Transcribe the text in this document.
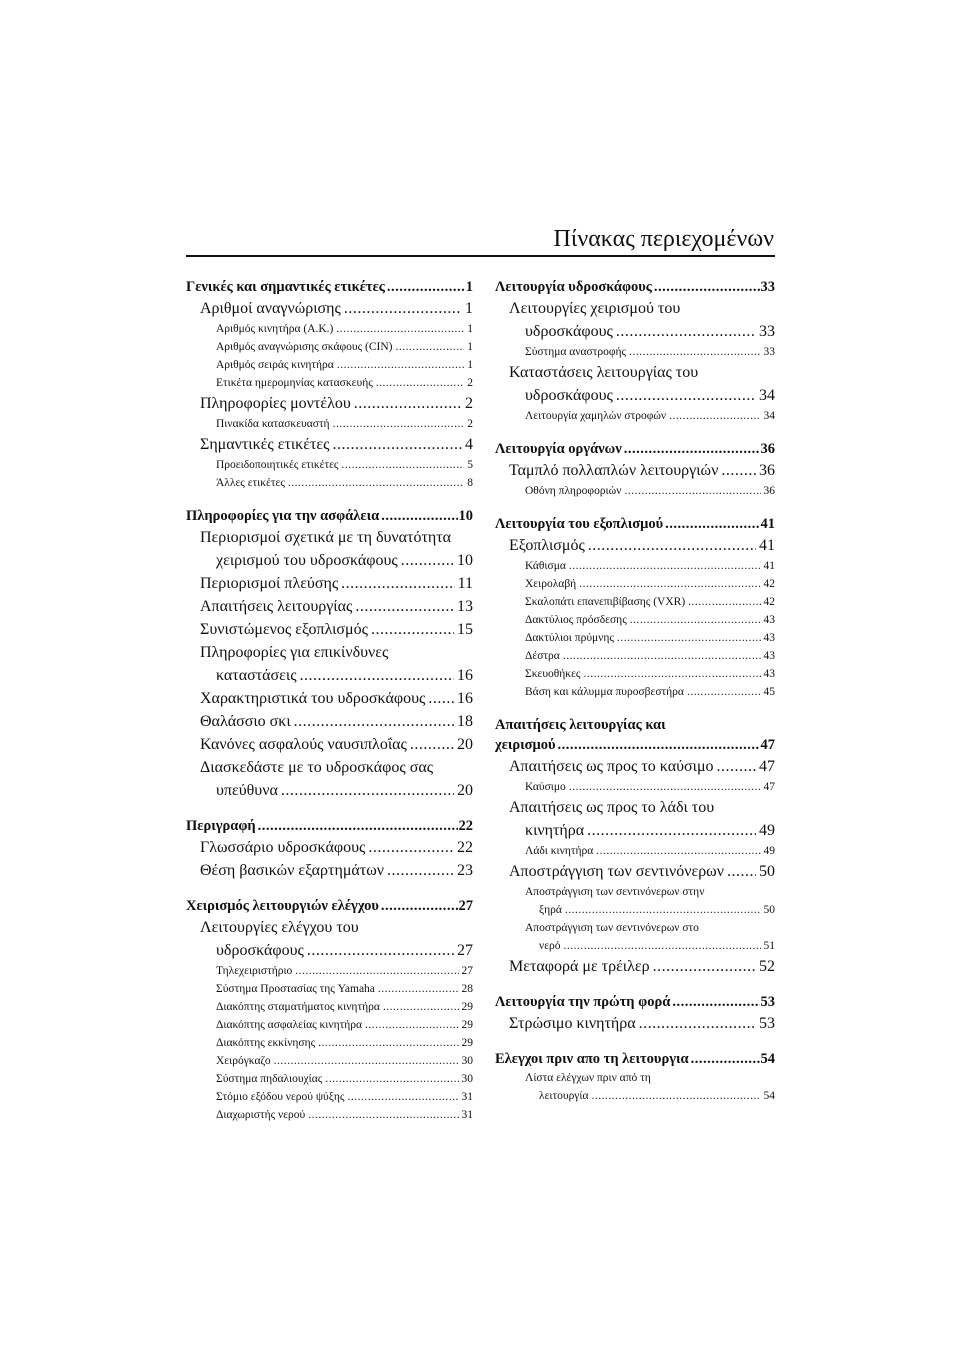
Πίνακας περιεχομένων
Γενικές και σημαντικές ετικέτες .....	1
Αριθμοί αναγνώρισης .....	1
Αριθμός κινητήρα (A.K.) .....	1
Αριθμός αναγνώρισης σκάφους (CIN) .....	1
Αριθμός σειράς κινητήρα .....	1
Ετικέτα ημερομηνίας κατασκευής .....	2
Πληροφορίες μοντέλου .....	2
Πινακίδα κατασκευαστή .....	2
Σημαντικές ετικέτες .....	4
Προειδοποιητικές ετικέτες .....	5
Άλλες ετικέτες .....	8
Πληροφορίες για την ασφάλεια .....	10
Περιορισμοί σχετικά με τη δυνατότητα
χειρισμού του υδροσκάφους .....	10
Περιορισμοί πλεύσης .....	11
Απαιτήσεις λειτουργίας .....	13
Συνιστώμενος εξοπλισμός .....	15
Πληροφορίες για επικίνδυνες
καταστάσεις .....	16
Χαρακτηριστικά του υδροσκάφους ..... 16
Θαλάσσιο σκι .....	18
Κανόνες ασφαλούς ναυσιπλοΐας .....	20
Διασκεδάστε με το υδροσκάφος σας
υπεύθυνα .....	20
Περιγραφή .....	22
Γλωσσάριο υδροσκάφους .....	22
Θέση βασικών εξαρτημάτων .....	23
Χειρισμός λειτουργιών ελέγχου .....	27
Λειτουργίες ελέγχου του
υδροσκάφους .....	27
Τηλεχειριστήριο .....	27
Σύστημα Προστασίας της Yamaha .....	28
Διακόπτης σταματήματος κινητήρα .....	29
Διακόπτης ασφαλείας κινητήρα .....	29
Διακόπτης εκκίνησης .....	29
Χειρόγκαζο .....	30
Σύστημα πηδαλιουχίας .....	30
Στόμιο εξόδου νερού ψύξης .....	31
Διαχωριστής νερού .....	31
Λειτουργία υδροσκάφους .....	33
Λειτουργίες χειρισμού του
υδροσκάφους .....	33
Σύστημα αναστροφής .....	33
Καταστάσεις λειτουργίας του
υδροσκάφους .....	34
Λειτουργία χαμηλών στροφών .....	34
Λειτουργία οργάνων .....	36
Ταμπλό πολλαπλών λειτουργιών .....	36
Οθόνη πληροφοριών .....	36
Λειτουργία του εξοπλισμού .....	41
Εξοπλισμός .....	41
Κάθισμα .....	41
Χειρολαβή .....	42
Σκαλοπάτι επανεπιβίβασης (VXR) .....	42
Δακτύλιος πρόσδεσης .....	43
Δακτύλιοι πρύμνης .....	43
Δέστρα .....	43
Σκευοθήκες .....	43
Βάση και κάλυμμα πυροσβεστήρα .....	45
Απαιτήσεις λειτουργίας και
χειρισμού .....	47
Απαιτήσεις ως προς το καύσιμο .....	47
Καύσιμο .....	47
Απαιτήσεις ως προς το λάδι του
κινητήρα .....	49
Λάδι κινητήρα .....	49
Αποστράγγιση των σεντινόνερων ..... 50
Αποστράγγιση των σεντινόνερων στην
ξηρά .....	50
Αποστράγγιση των σεντινόνερων στο
νερό .....	51
Μεταφορά με τρέιλερ .....	52
Λειτουργία την πρώτη φορά .....	53
Στρώσιμο κινητήρα .....	53
Ελεγχοι πριν απο τη λειτουργια .....	54
Λίστα ελέγχων πριν από τη
λειτουργία .....	54
